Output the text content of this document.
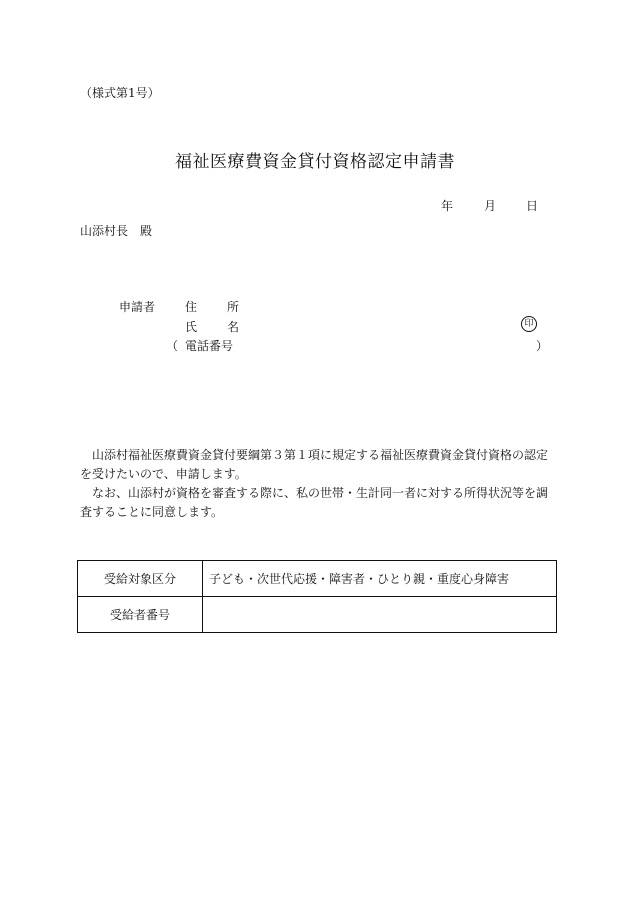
（様式第1号）
福祉医療費資金貸付資格認定申請書
年	月 日
山添村長 殿
申請者 住 所
氏 名	印
（ 電話番号	）

山添村福祉医療費資金貸付要綱第３第１項に規定する福祉医療費資金貸付資格の認定を受けたいので、申請します。

なお、山添村が資格を審査する際に、私の世帯・生計同一者に対する所得状況等を調査することに同意します。

受給対象区分	子ども・次世代応援・障害者・ひとり親・重度心身障害
受給者番号	
